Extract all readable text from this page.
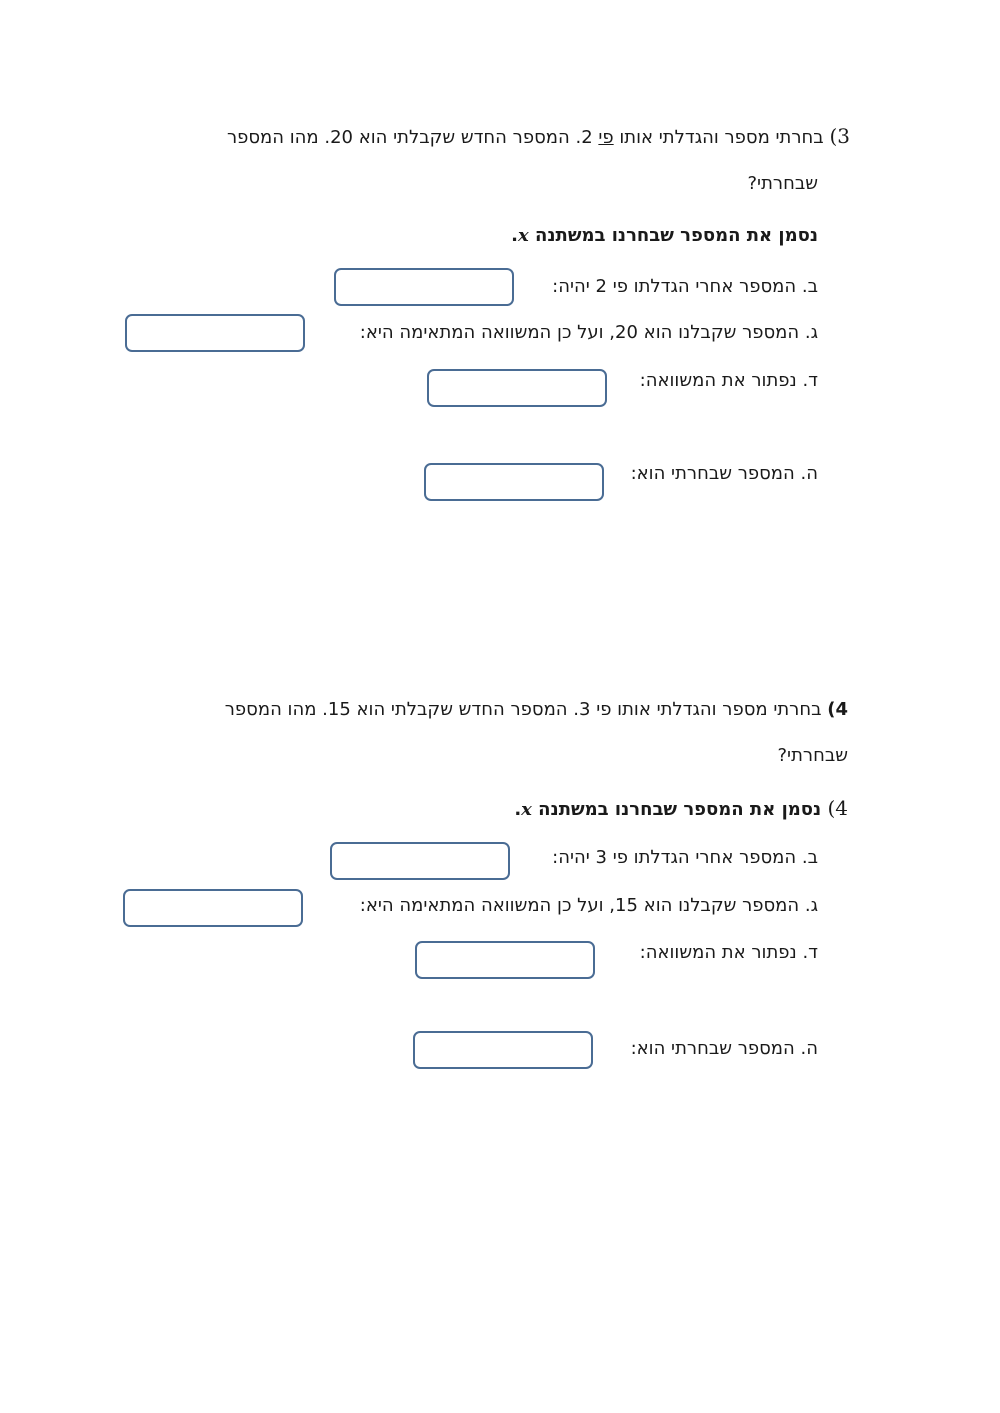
3) בחרתי מספר והגדלתי אותו פי 2. המספר החדש שקבלתי הוא 20. מהו המספר
שבחרתי?
נסמן את המספר שבחרנו במשתנה x.
ב. המספר אחרי הגדלתו פי 2 יהיה:
ג. המספר שקבלנו הוא 20, ועל כן המשוואה המתאימה היא:
ד. נפתור את המשוואה:
ה. המספר שבחרתי הוא:
4) בחרתי מספר והגדלתי אותו פי 3. המספר החדש שקבלתי הוא 15. מהו המספר
שבחרתי?
4) נסמן את המספר שבחרנו במשתנה x.
ב. המספר אחרי הגדלתו פי 3 יהיה:
ג. המספר שקבלנו הוא 15, ועל כן המשוואה המתאימה היא:
ד. נפתור את המשוואה:
ה. המספר שבחרתי הוא:
